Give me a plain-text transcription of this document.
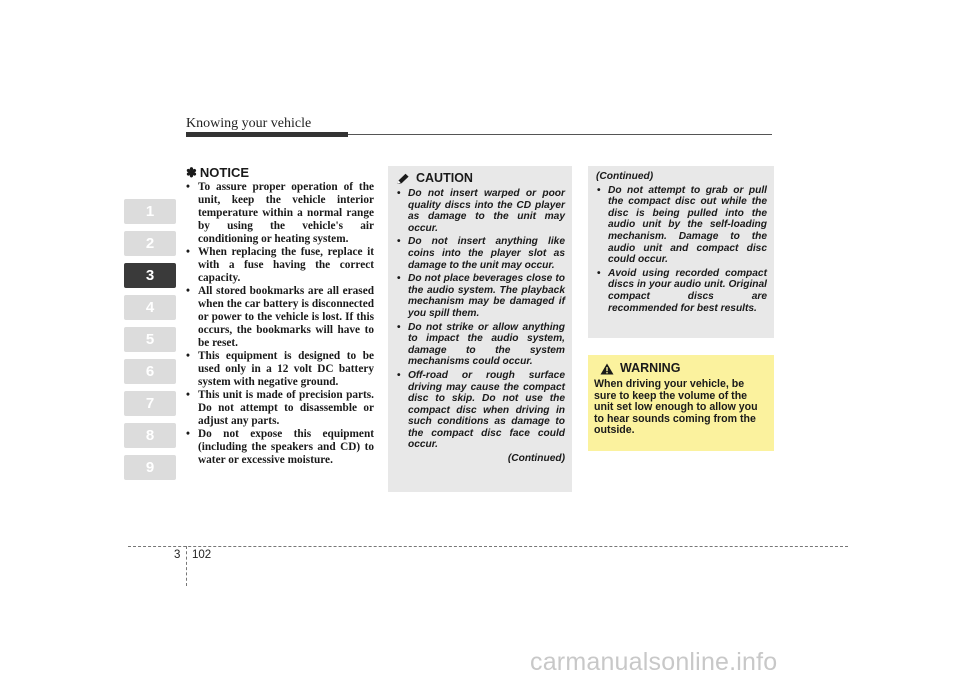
Knowing your vehicle
1
2
3
4
5
6
7
8
9
✽ NOTICE
• To assure proper operation of the unit, keep the vehicle interior temperature within a normal range by using the vehicle's air conditioning or heating system.
• When replacing the fuse, replace it with a fuse having the correct capacity.
• All stored bookmarks are all erased when the car battery is disconnected or power to the vehicle is lost. If this occurs, the bookmarks will have to be reset.
• This equipment is designed to be used only in a 12 volt DC battery system with negative ground.
• This unit is made of precision parts. Do not attempt to disassemble or adjust any parts.
• Do not expose this equipment (including the speakers and CD) to water or excessive moisture.
CAUTION
• Do not insert warped or poor quality discs into the CD player as damage to the unit may occur.
• Do not insert anything like coins into the player slot as damage to the unit may occur.
• Do not place beverages close to the audio system. The playback mechanism may be damaged if you spill them.
• Do not strike or allow anything to impact the audio system, damage to the system mechanisms could occur.
• Off-road or rough surface driving may cause the compact disc to skip. Do not use the compact disc when driving in such conditions as damage to the compact disc face could occur.
(Continued)
(Continued)
• Do not attempt to grab or pull the compact disc out while the disc is being pulled into the audio unit by the self-loading mechanism. Damage to the audio unit and compact disc could occur.
• Avoid using recorded compact discs in your audio unit. Original compact discs are recommended for best results.
WARNING
When driving your vehicle, be sure to keep the volume of the unit set low enough to allow you to hear sounds coming from the outside.
3 102
carmanualsonline.info
